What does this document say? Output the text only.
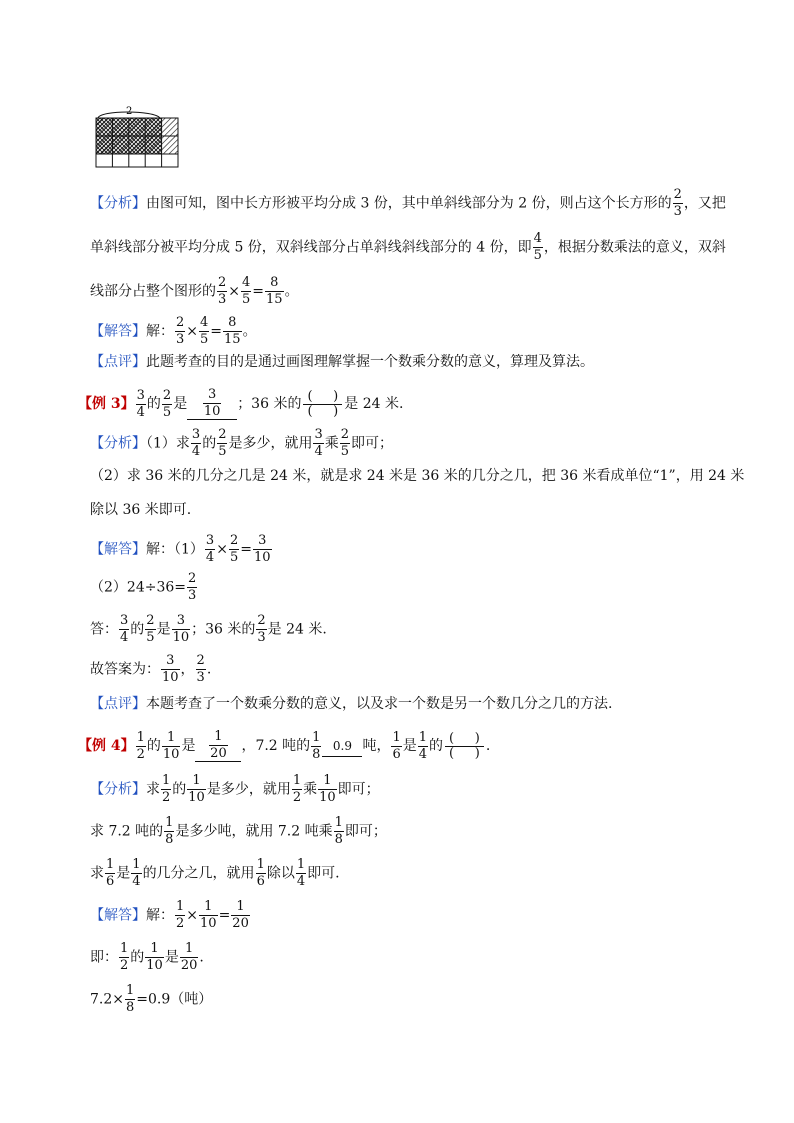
2
【分析】由图可知，图中长方形被平均分成 3 份，其中单斜线部分为 2 份，则占这个长方形的 $\frac{2}{3}$ ，又把
单斜线部分被平均分成 5 份，双斜线部分占单斜线斜线部分的 4 份，即 $\frac{4}{5}$ ，根据分数乘法的意义，双斜
线部分占整个图形的 $\frac{2}{3} \times \frac{4}{5} = \frac{8}{15}$ 。
【解答】解： $\frac{2}{3} \times \frac{4}{5} = \frac{8}{15}$ 。
【点评】此题考查的目的是通过画图理解掌握一个数乘分数的意义，算理及算法。
【例 3】 $\frac{3}{4}$ 的 $\frac{2}{5}$ 是 $\frac{3}{10}$ ；36 米的 (     )
(     ) 是 24 米.
【分析】（1）求 $\frac{3}{4}$ 的 $\frac{2}{5}$ 是多少，就用 $\frac{3}{4}$ 乘 $\frac{2}{5}$ 即可；
（2）求 36 米的几分之几是 24 米，就是求 24 米是 36 米的几分之几，把 36 米看成单位“1”，用 24 米
除以 36 米即可.
【解答】解：$(1) \frac{3}{4} \times \frac{2}{5} = \frac{3}{10}$
$(2)24\div 36= \frac{2}{3}$
答： $\frac{3}{4}$ 的 $\frac{2}{5}$ 是 $\frac{3}{10}$ ；36 米的 $\frac{2}{3}$ 是 24 米.
故答案为： $\frac{3}{10}$ ， $\frac{2}{3}$ .
【点评】本题考查了一个数乘分数的意义，以及求一个数是另一个数几分之几的方法.
【例 4】 $\frac{1}{2}$ 的 $\frac{1}{10}$ 是 $\frac{1}{20}$ ，7.2 吨的 $\frac{1}{8} 0.9$ 吨， $\frac{1}{6}$ 是 $\frac{1}{4}$ 的 (     )
(     ) .
【分析】求 $\frac{1}{2}$ 的 $\frac{1}{10}$ 是多少，就用 $\frac{1}{2}$ 乘 $\frac{1}{10}$ 即可；
求 7.2 吨的 $\frac{1}{8}$ 是多少吨，就用 7.2 吨乘 $\frac{1}{8}$ 即可；
求 $\frac{1}{6}$ 是 $\frac{1}{4}$ 的几分之几，就用 $\frac{1}{6}$ 除以 $\frac{1}{4}$ 即可.
【解答】解： $\frac{1}{2} \times \frac{1}{10} = \frac{1}{20}$
即： $\frac{1}{2}$ 的 $\frac{1}{10}$ 是 $\frac{1}{20}$ .
$7.2\times \frac{1}{8} =0.9$（吨）
